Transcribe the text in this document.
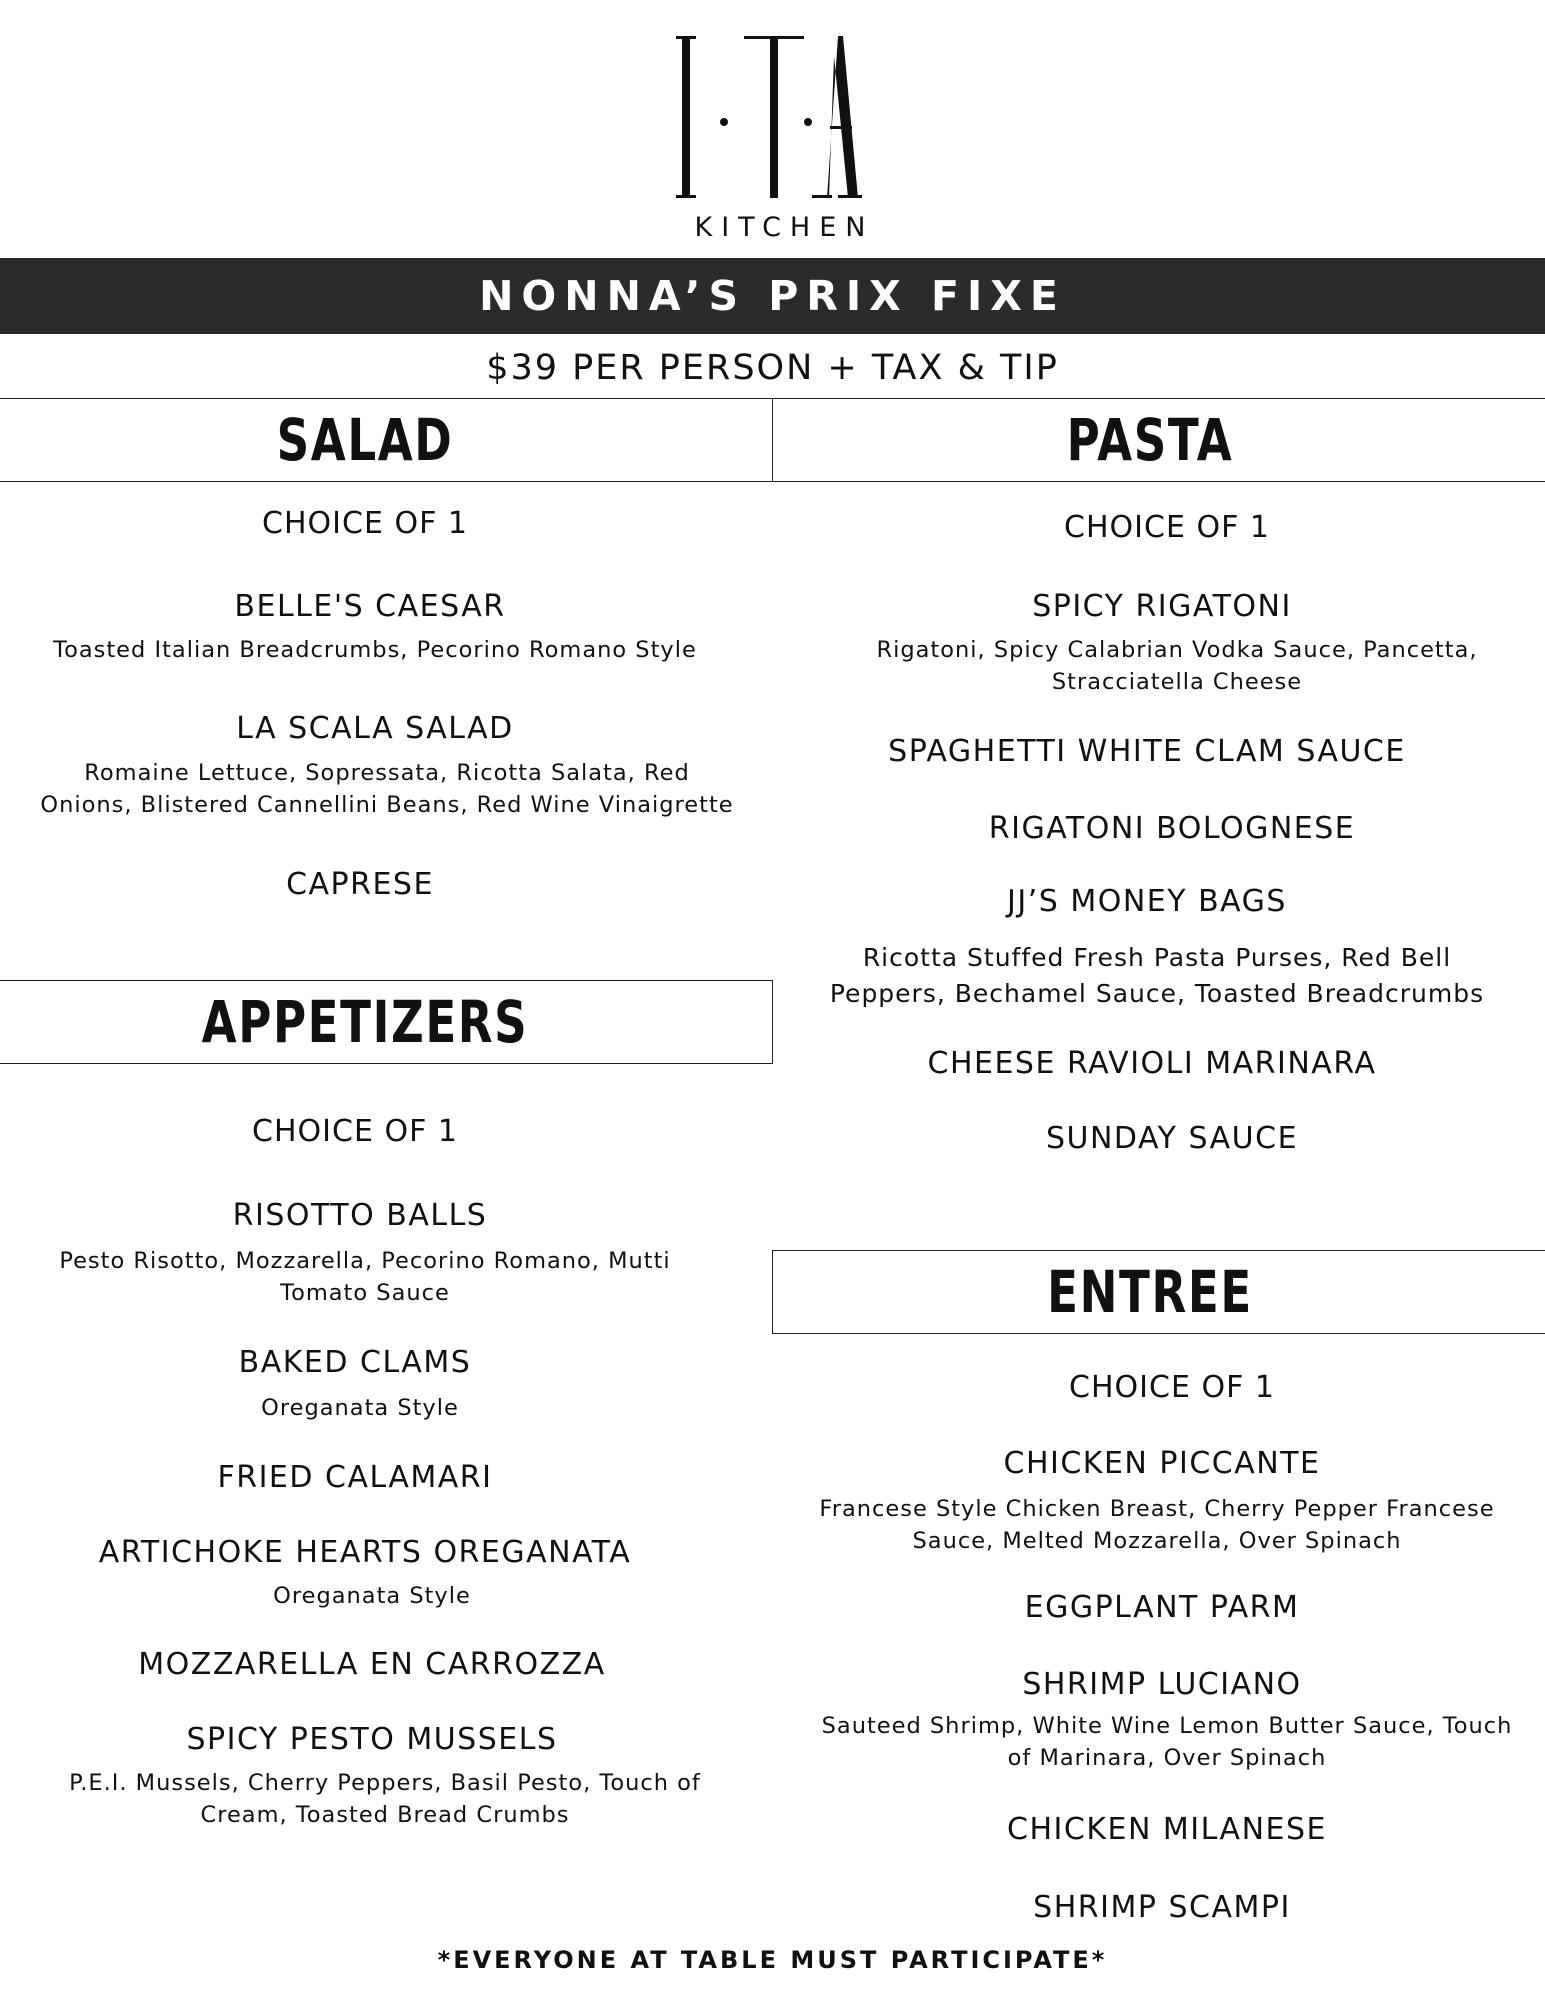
I·T·A
KITCHEN
NONNA’S PRIX FIXE
$39 PER PERSON + TAX & TIP
SALAD	PASTA
CHOICE OF 1
BELLE'S CAESAR
Toasted Italian Breadcrumbs, Pecorino Romano Style
LA SCALA SALAD
Romaine Lettuce, Sopressata, Ricotta Salata, Red
Onions, Blistered Cannellini Beans, Red Wine Vinaigrette
CAPRESE
APPETIZERS
CHOICE OF 1
RISOTTO BALLS
Pesto Risotto, Mozzarella, Pecorino Romano, Mutti
Tomato Sauce
BAKED CLAMS
Oreganata Style
FRIED CALAMARI
ARTICHOKE HEARTS OREGANATA
Oreganata Style
MOZZARELLA EN CARROZZA
SPICY PESTO MUSSELS
P.E.I. Mussels, Cherry Peppers, Basil Pesto, Touch of
Cream, Toasted Bread Crumbs
CHOICE OF 1
SPICY RIGATONI
Rigatoni, Spicy Calabrian Vodka Sauce, Pancetta,
Stracciatella Cheese
SPAGHETTI WHITE CLAM SAUCE
RIGATONI BOLOGNESE
JJ’S MONEY BAGS
Ricotta Stuffed Fresh Pasta Purses, Red Bell
Peppers, Bechamel Sauce, Toasted Breadcrumbs
CHEESE RAVIOLI MARINARA
SUNDAY SAUCE
ENTREE
CHOICE OF 1
CHICKEN PICCANTE
Francese Style Chicken Breast, Cherry Pepper Francese
Sauce, Melted Mozzarella, Over Spinach
EGGPLANT PARM
SHRIMP LUCIANO
Sauteed Shrimp, White Wine Lemon Butter Sauce, Touch
of Marinara, Over Spinach
CHICKEN MILANESE
SHRIMP SCAMPI
*EVERYONE AT TABLE MUST PARTICIPATE*
